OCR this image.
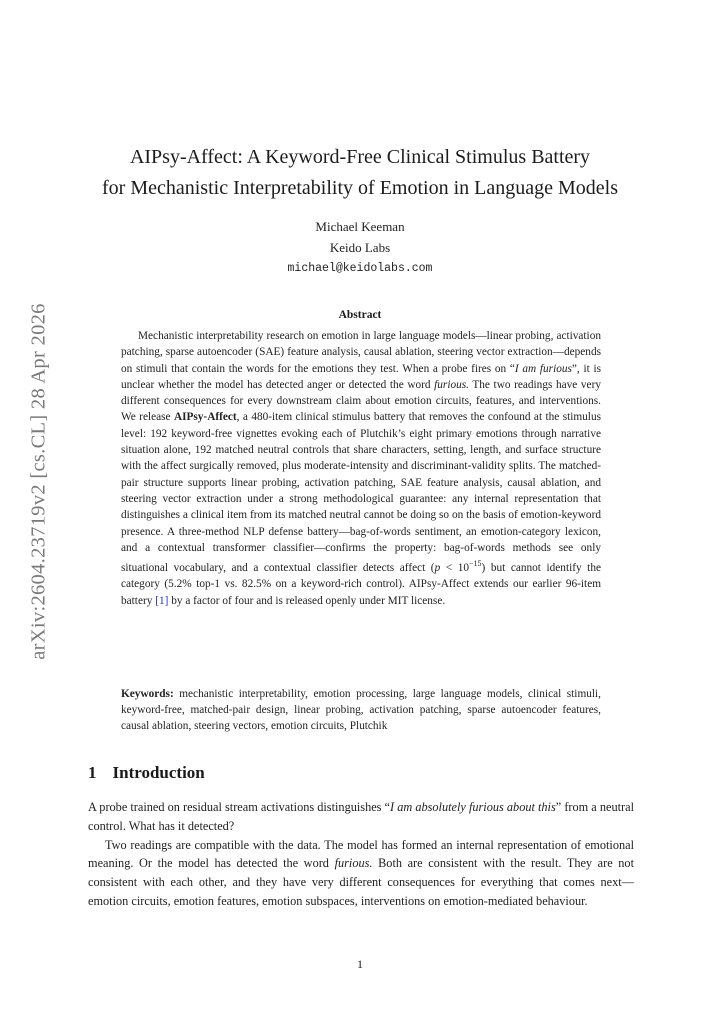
arXiv:2604.23719v2 [cs.CL] 28 Apr 2026
AIPsy-Affect: A Keyword-Free Clinical Stimulus Battery
for Mechanistic Interpretability of Emotion in Language Models
Michael Keeman
Keido Labs
michael@keidolabs.com
Abstract

Mechanistic interpretability research on emotion in large language models—linear probing, activation patching, sparse autoencoder (SAE) feature analysis, causal ablation, steering vector extraction—depends on stimuli that contain the words for the emotions they test. When a probe fires on “I am furious”, it is unclear whether the model has detected anger or detected the word furious. The two readings have very different consequences for every downstream claim about emotion circuits, features, and interventions. We release AIPsy-Affect, a 480-item clinical stimulus battery that removes the confound at the stimulus level: 192 keyword-free vignettes evoking each of Plutchik’s eight primary emotions through narrative situation alone, 192 matched neutral controls that share characters, setting, length, and surface structure with the affect surgically removed, plus moderate-intensity and discriminant-validity splits. The matched-pair structure supports linear probing, activation patching, SAE feature analysis, causal ablation, and steering vector extraction under a strong methodological guarantee: any internal representation that distinguishes a clinical item from its matched neutral cannot be doing so on the basis of emotion-keyword presence. A three-method NLP defense battery—bag-of-words sentiment, an emotion-category lexicon, and a contextual transformer classifier—confirms the property: bag-of-words methods see only situational vocabulary, and a contextual classifier detects affect $(p < 10^{-15})$ but cannot identify the category (5.2% top-1 vs. 82.5% on a keyword-rich control). AIPsy-Affect extends our earlier 96-item battery [1] by a factor of four and is released openly under MIT license.

Keywords: mechanistic interpretability, emotion processing, large language models, clinical stimuli, keyword-free, matched-pair design, linear probing, activation patching, sparse autoencoder features, causal ablation, steering vectors, emotion circuits, Plutchik

1 Introduction

A probe trained on residual stream activations distinguishes “I am absolutely furious about this” from a neutral control. What has it detected?

Two readings are compatible with the data. The model has formed an internal representation of emotional meaning. Or the model has detected the word furious. Both are consistent with the result. They are not consistent with each other, and they have very different consequences for everything that comes next—emotion circuits, emotion features, emotion subspaces, interventions on emotion-mediated behaviour.

1
